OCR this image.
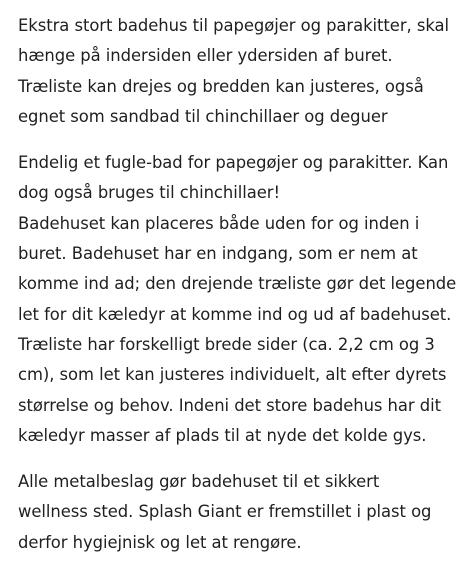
Ekstra stort badehus til papegøjer og parakitter, skal
hænge på indersiden eller ydersiden af buret.
Træliste kan drejes og bredden kan justeres, også
egnet som sandbad til chinchillaer og deguer

Endelig et fugle-bad for papegøjer og parakitter. Kan
dog også bruges til chinchillaer!
Badehuset kan placeres både uden for og inden i
buret. Badehuset har en indgang, som er nem at
komme ind ad; den drejende træliste gør det legende
let for dit kæledyr at komme ind og ud af badehuset.
Træliste har forskelligt brede sider (ca. 2,2 cm og 3
cm), som let kan justeres individuelt, alt efter dyrets
størrelse og behov. Indeni det store badehus har dit
kæledyr masser af plads til at nyde det kolde gys.

Alle metalbeslag gør badehuset til et sikkert
wellness sted. Splash Giant er fremstillet i plast og
derfor hygiejnisk og let at rengøre.
